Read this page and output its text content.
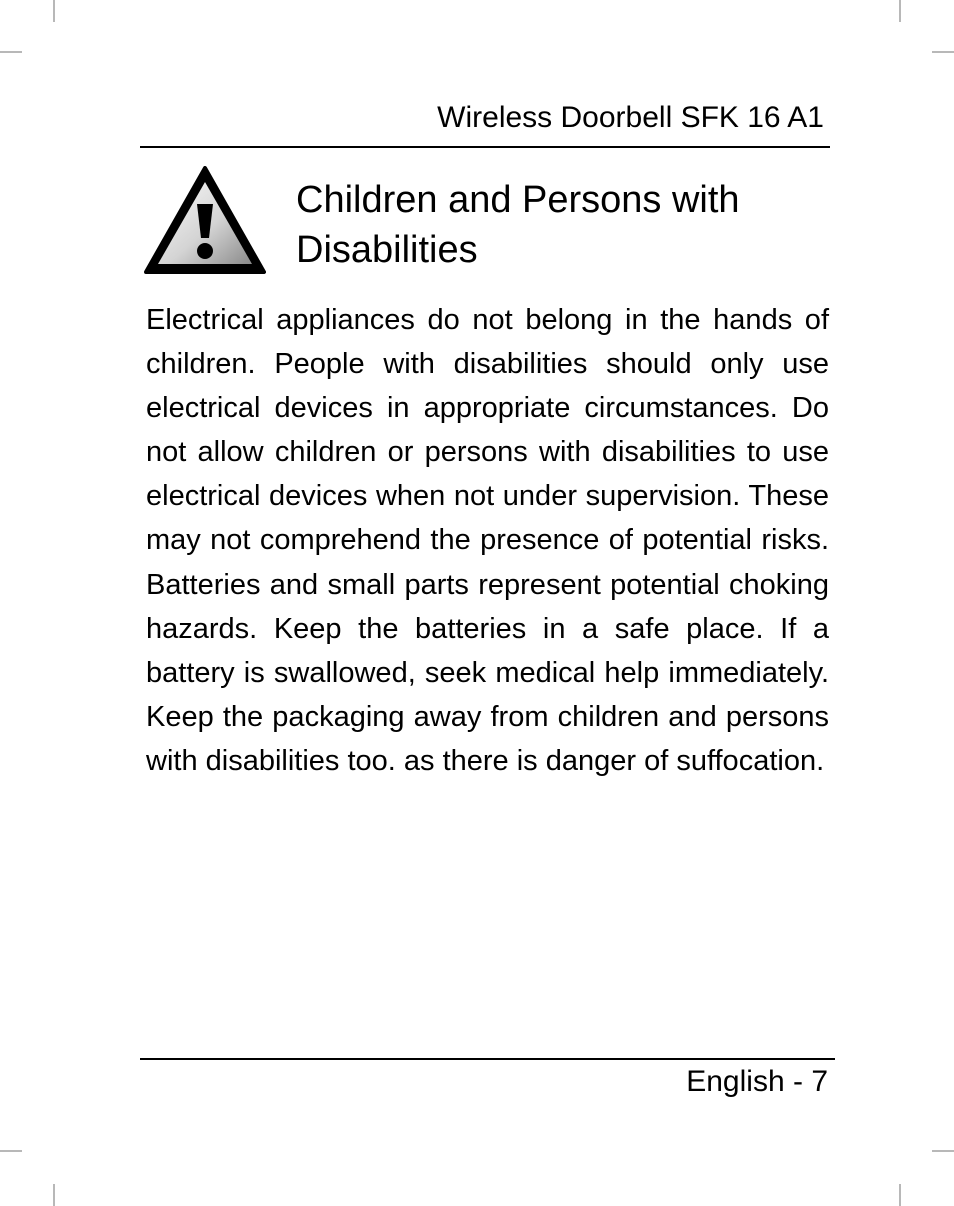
Wireless Doorbell SFK 16 A1
Children and Persons with Disabilities

Electrical appliances do not belong in the hands of children. People with disabilities should only use electrical devices in appropriate circumstances. Do not allow children or persons with disabilities to use electrical devices when not under supervision. These may not comprehend the presence of potential risks. Batteries and small parts represent potential choking hazards. Keep the batteries in a safe place. If a battery is swallowed, seek medical help immediately. Keep the packaging away from children and persons with disabilities too. as there is danger of suffocation.

English - 7
